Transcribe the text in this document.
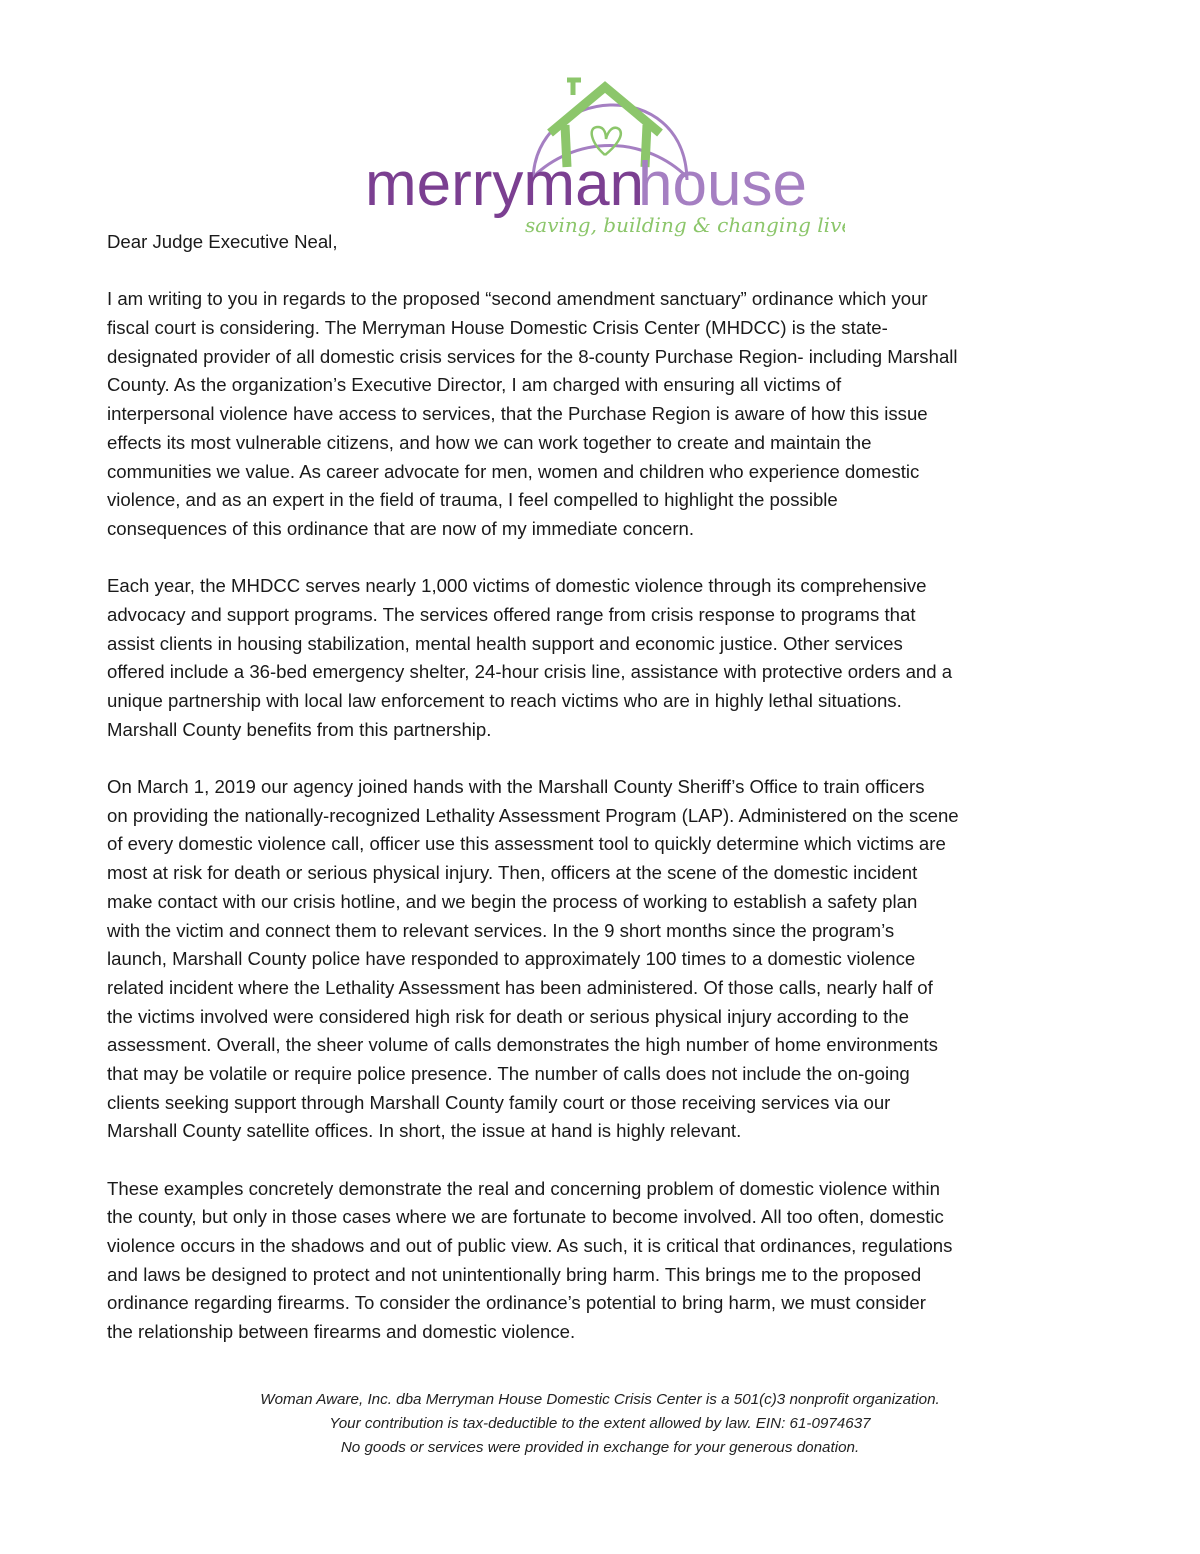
merryman
house
saving, building & changing lives
Dear Judge Executive Neal,
I am writing to you in regards to the proposed “second amendment sanctuary” ordinance which your
fiscal court is considering. The Merryman House Domestic Crisis Center (MHDCC) is the state-
designated provider of all domestic crisis services for the 8-county Purchase Region- including Marshall
County. As the organization’s Executive Director, I am charged with ensuring all victims of
interpersonal violence have access to services, that the Purchase Region is aware of how this issue
effects its most vulnerable citizens, and how we can work together to create and maintain the
communities we value. As career advocate for men, women and children who experience domestic
violence, and as an expert in the field of trauma, I feel compelled to highlight the possible
consequences of this ordinance that are now of my immediate concern.
Each year, the MHDCC serves nearly 1,000 victims of domestic violence through its comprehensive
advocacy and support programs. The services offered range from crisis response to programs that
assist clients in housing stabilization, mental health support and economic justice. Other services
offered include a 36-bed emergency shelter, 24-hour crisis line, assistance with protective orders and a
unique partnership with local law enforcement to reach victims who are in highly lethal situations.
Marshall County benefits from this partnership.
On March 1, 2019 our agency joined hands with the Marshall County Sheriff’s Office to train officers
on providing the nationally-recognized Lethality Assessment Program (LAP). Administered on the scene
of every domestic violence call, officer use this assessment tool to quickly determine which victims are
most at risk for death or serious physical injury. Then, officers at the scene of the domestic incident
make contact with our crisis hotline, and we begin the process of working to establish a safety plan
with the victim and connect them to relevant services. In the 9 short months since the program’s
launch, Marshall County police have responded to approximately 100 times to a domestic violence
related incident where the Lethality Assessment has been administered. Of those calls, nearly half of
the victims involved were considered high risk for death or serious physical injury according to the
assessment. Overall, the sheer volume of calls demonstrates the high number of home environments
that may be volatile or require police presence. The number of calls does not include the on-going
clients seeking support through Marshall County family court or those receiving services via our
Marshall County satellite offices. In short, the issue at hand is highly relevant.
These examples concretely demonstrate the real and concerning problem of domestic violence within
the county, but only in those cases where we are fortunate to become involved. All too often, domestic
violence occurs in the shadows and out of public view. As such, it is critical that ordinances, regulations
and laws be designed to protect and not unintentionally bring harm. This brings me to the proposed
ordinance regarding firearms. To consider the ordinance’s potential to bring harm, we must consider
the relationship between firearms and domestic violence.
Woman Aware, Inc. dba Merryman House Domestic Crisis Center is a 501(c)3 nonprofit organization.
Your contribution is tax-deductible to the extent allowed by law. EIN: 61-0974637
No goods or services were provided in exchange for your generous donation.
